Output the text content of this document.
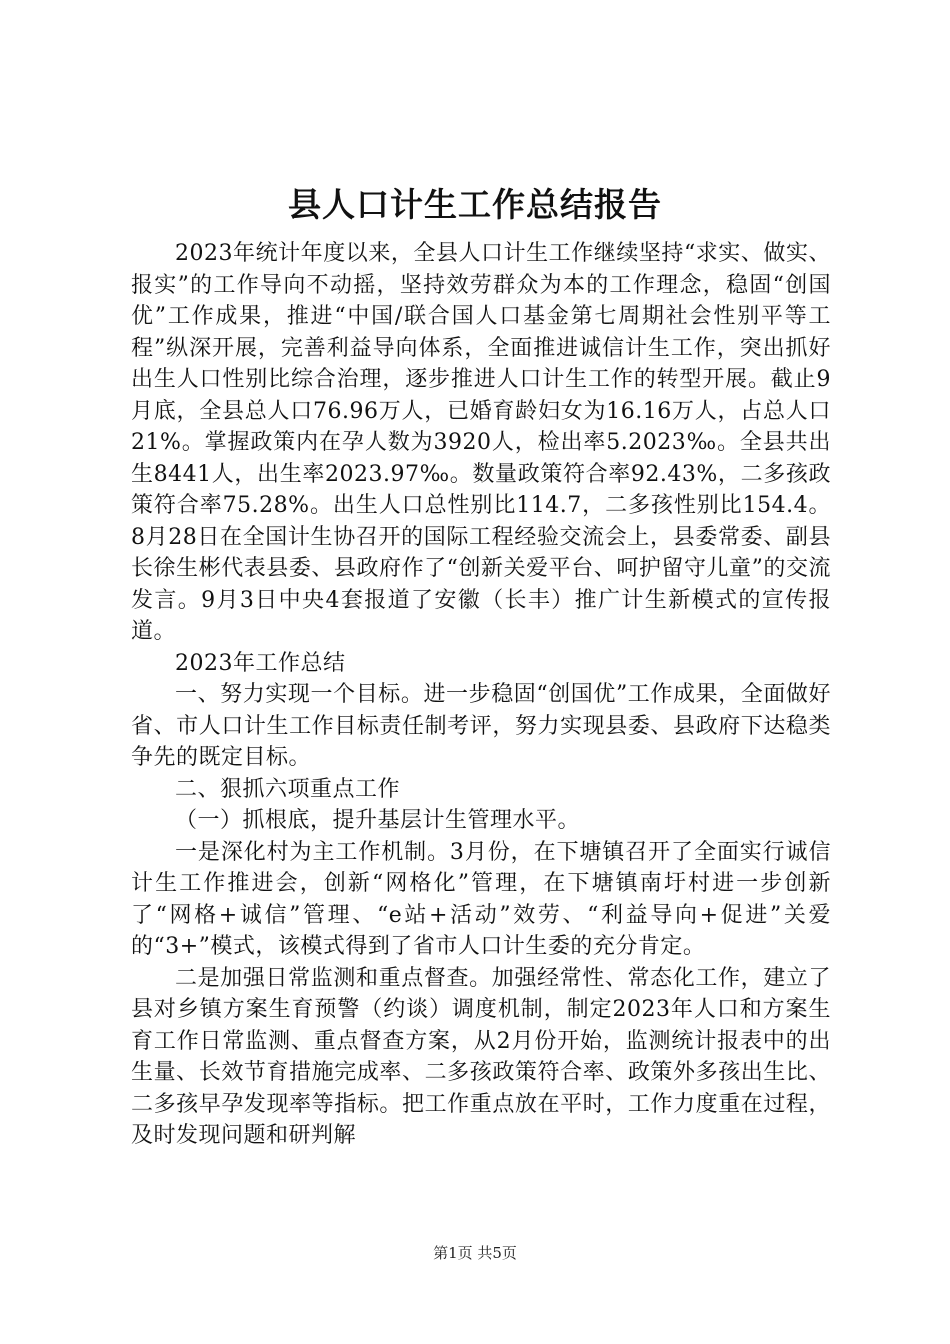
县人口计生工作总结报告

2023年统计年度以来，全县人口计生工作继续坚持“求实、做实、报实”的工作导向不动摇，坚持效劳群众为本的工作理念，稳固“创国优”工作成果，推进“中国/联合国人口基金第七周期社会性别平等工程”纵深开展，完善利益导向体系，全面推进诚信计生工作，突出抓好出生人口性别比综合治理，逐步推进人口计生工作的转型开展。截止9月底，全县总人口76.96万人，已婚育龄妇女为16.16万人，占总人口21%。掌握政策内在孕人数为3920人，检出率5.2023‰。全县共出生8441人，出生率2023.97‰。数量政策符合率92.43%，二多孩政策符合率75.28%。出生人口总性别比114.7，二多孩性别比154.4。8月28日在全国计生协召开的国际工程经验交流会上，县委常委、副县长徐生彬代表县委、县政府作了“创新关爱平台、呵护留守儿童”的交流发言。9月3日中央4套报道了安徽（长丰）推广计生新模式的宣传报道。

2023年工作总结

一、努力实现一个目标。进一步稳固“创国优”工作成果，全面做好省、市人口计生工作目标责任制考评，努力实现县委、县政府下达稳类争先的既定目标。

二、狠抓六项重点工作

（一）抓根底，提升基层计生管理水平。

一是深化村为主工作机制。3月份，在下塘镇召开了全面实行诚信计生工作推进会，创新“网格化”管理，在下塘镇南圩村进一步创新了“网格+诚信”管理、“e站+活动”效劳、“利益导向+促进”关爱的“3+”模式，该模式得到了省市人口计生委的充分肯定。

二是加强日常监测和重点督查。加强经常性、常态化工作，建立了县对乡镇方案生育预警（约谈）调度机制，制定2023年人口和方案生育工作日常监测、重点督查方案，从2月份开始，监测统计报表中的出生量、长效节育措施完成率、二多孩政策符合率、政策外多孩出生比、二多孩早孕发现率等指标。把工作重点放在平时，工作力度重在过程，及时发现问题和研判解

第1页 共5页
